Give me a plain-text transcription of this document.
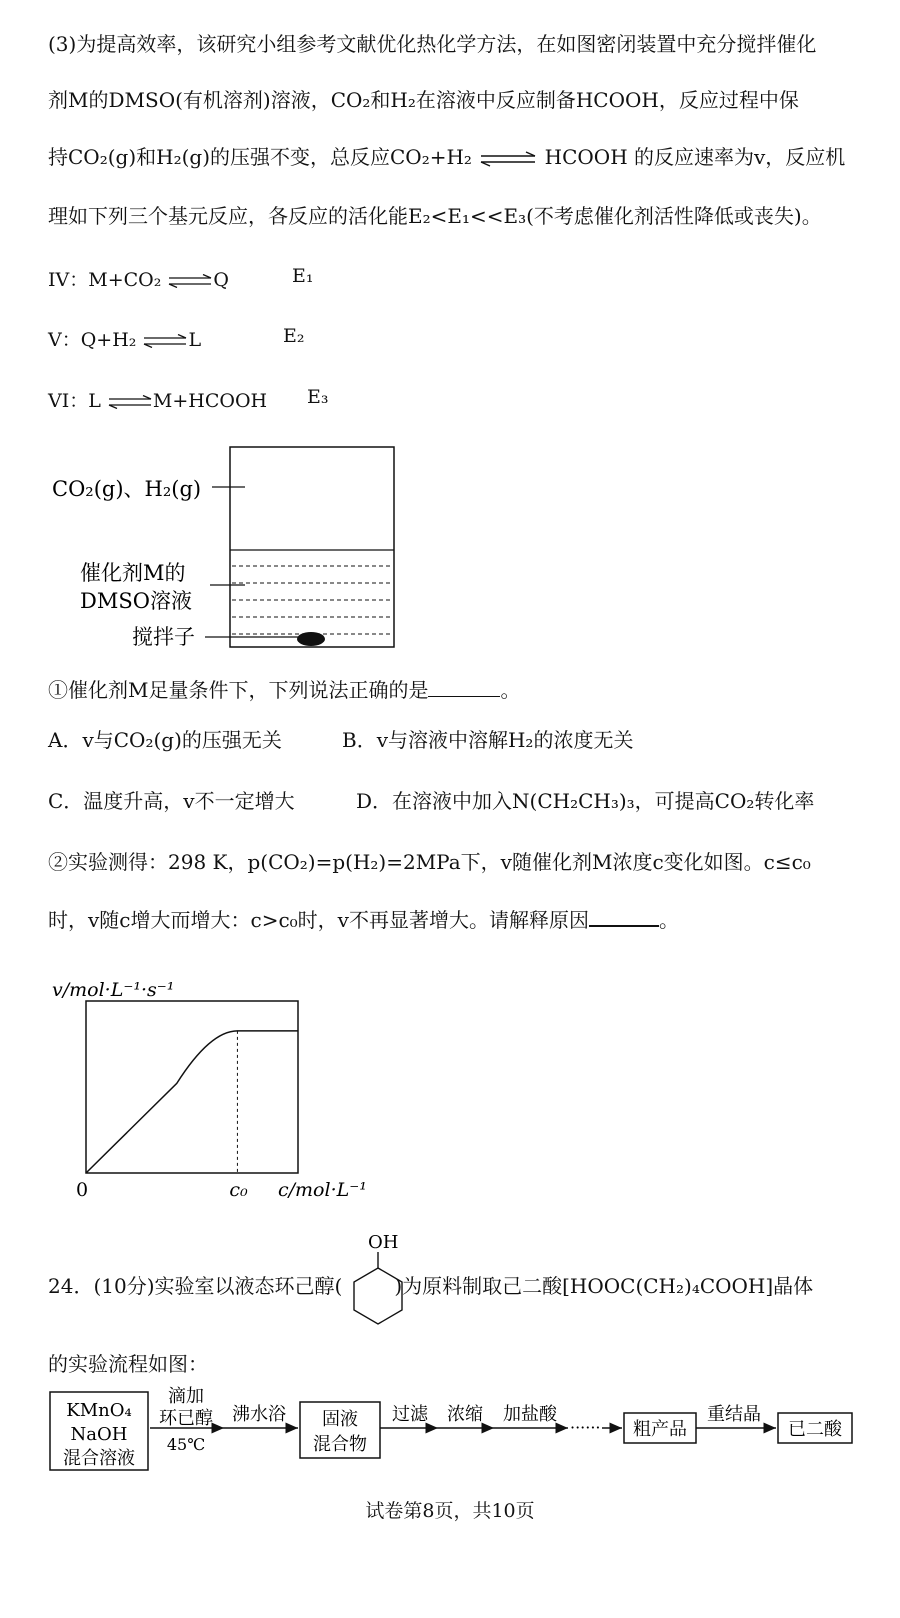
(3)为提高效率，该研究小组参考文献优化热化学方法，在如图密闭装置中充分搅拌催化
剂M的DMSO(有机溶剂)溶液，CO₂和H₂在溶液中反应制备HCOOH，反应过程中保
持CO₂(g)和H₂(g)的压强不变，总反应CO₂+H₂ ⇌ HCOOH 的反应速率为v，反应机
理如下列三个基元反应，各反应的活化能E₂<E₁<<E₃(不考虑催化剂活性降低或丧失)。
IV：M+CO₂ ⇌Q	E₁
V：Q+H₂ ⇌L	E₂
VI：L ⇌M+HCOOH E₃
CO₂(g)、H₂(g)
催化剂M的
DMSO溶液
搅拌子
①催化剂M足量条件下，下列说法正确的是	。
A．v与CO₂(g)的压强无关	B．v与溶液中溶解H₂的浓度无关
C．温度升高，v不一定增大	D．在溶液中加入N(CH₂CH₃)₃，可提高CO₂转化率
②实验测得：298 K，p(CO₂)=p(H₂)=2MPa下，v随催化剂M浓度c变化如图。c≤c₀
时，v随c增大而增大：c>c₀时，v不再显著增大。请解释原因	。
v/mol·L⁻¹·s⁻¹
0	c₀ c/mol·L⁻¹
24．(10分)实验室以液态环己醇(	)为原料制取己二酸[HOOC(CH₂)₄COOH]晶体
OH
的实验流程如图：
KMnO₄
NaOH
混合溶液
滴加
环已醇
45℃
沸水浴 固液
混合物
过滤 浓缩 加盐酸
······ 粗产品
重结晶
已二酸
试卷第8页，共10页
